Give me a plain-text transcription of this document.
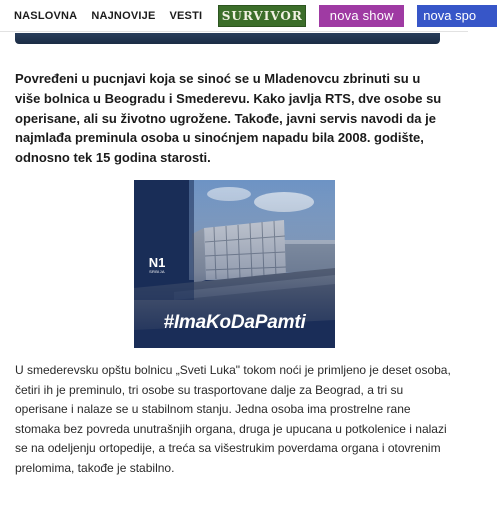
NASLOVNA NAJNOVIJE VESTI SURVIVOR	nova show	nova spo

Povređeni u pucnjavi koja se sinoć se u Mladenovcu zbrinuti su u više bolnica u Beogradu i Smederevu. Kako javlja RTS, dve osobe su operisane, ali su životno ugrožene. Takođe, javni servis navodi da je najmlađa preminula osoba u sinoćnjem napadu bila 2008. godište, odnosno tek 15 godina starosti.

N1
SRBIJA
#ImaKoDaPamti

U smederevsku opštu bolnicu „Sveti Luka" tokom noći je primljeno je deset osoba, četiri ih je preminulo, tri osobe su trasportovane dalje za Beograd, a tri su operisane i nalaze se u stabilnom stanju. Jedna osoba ima prostrelne rane stomaka bez povreda unutrašnjih organa, druga je upucana u potkolenice i nalazi se na odeljenju ortopedije, a treća sa višestrukim poverdama organa i otovrenim prelomima, takođe je stabilno.
